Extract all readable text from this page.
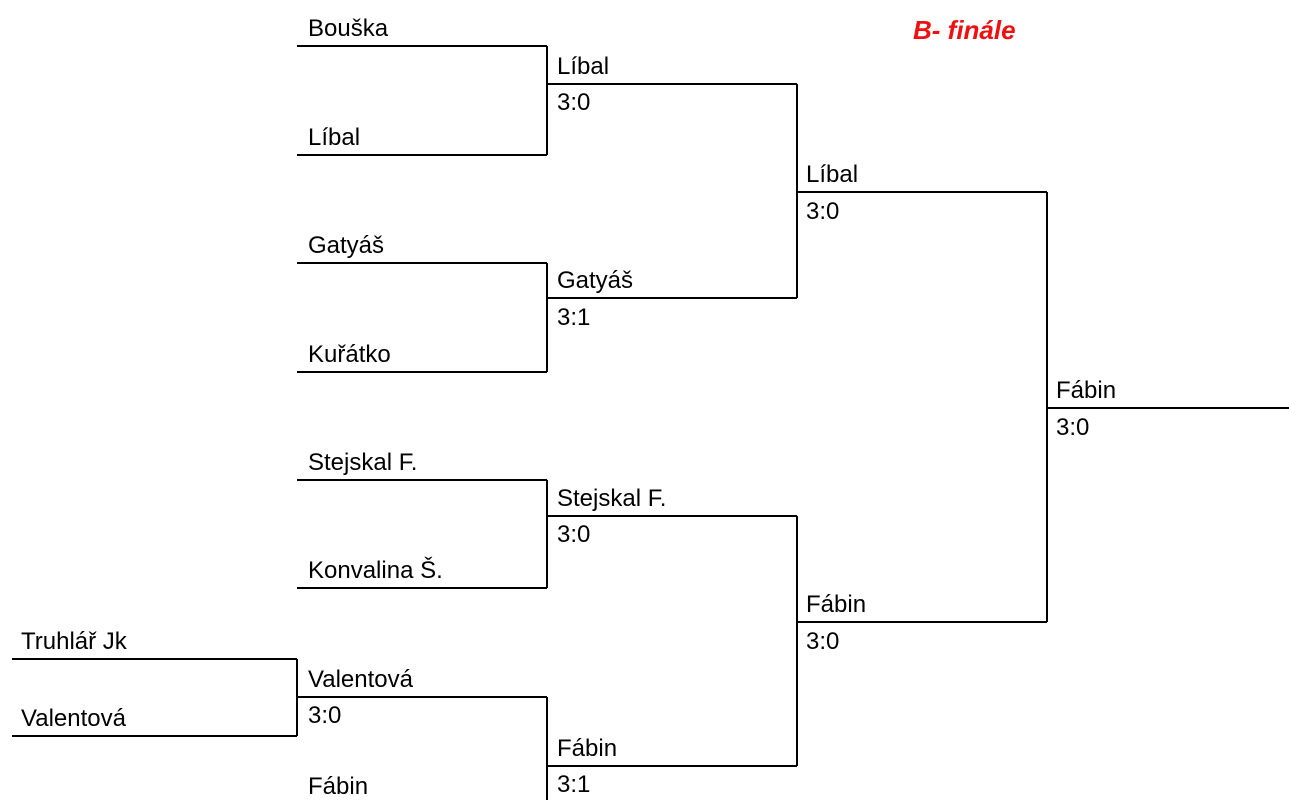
B- finále
Truhlář Jk
Valentová
Bouška
Líbal
Gatyáš
Kuřátko
Stejskal F.
Konvalina Š.
Fábin
Valentová
3:0
Líbal
3:0
Gatyáš
3:1
Stejskal F.
3:0
Fábin
3:1
Líbal
3:0
Fábin
3:0
Fábin
3:0
